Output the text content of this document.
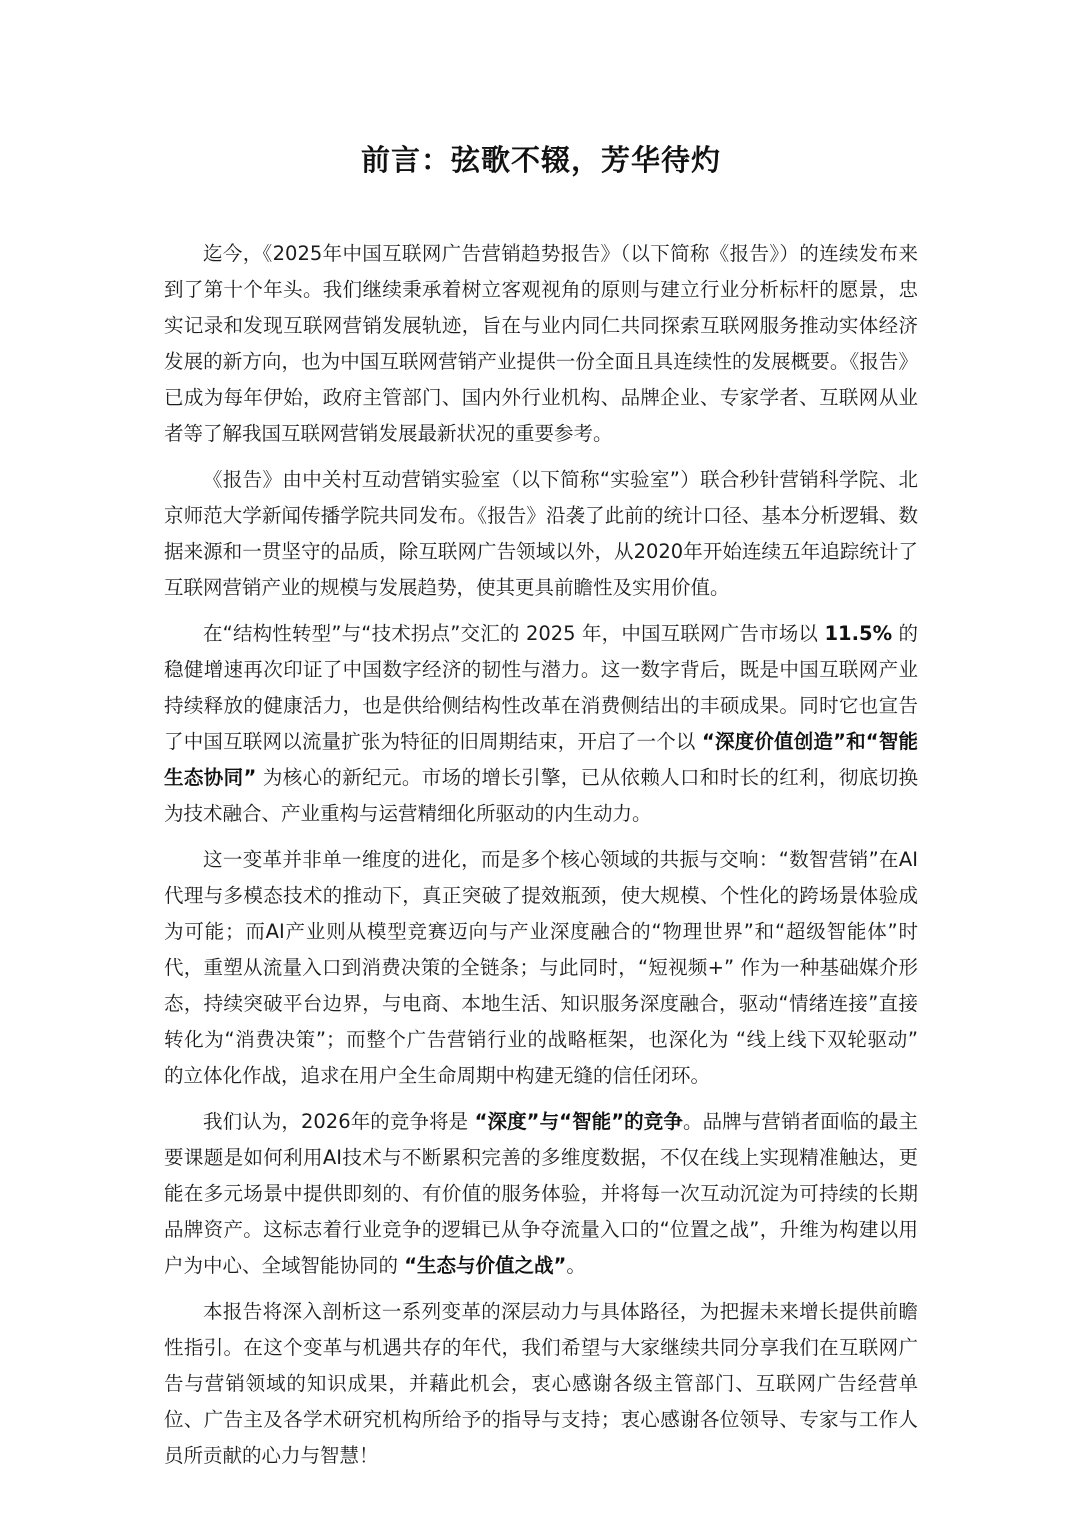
前言：弦歌不辍，芳华待灼

迄今，《2025年中国互联网广告营销趋势报告》（以下简称《报告》）的连续发布来到了第十个年头。我们继续秉承着树立客观视角的原则与建立行业分析标杆的愿景，忠实记录和发现互联网营销发展轨迹，旨在与业内同仁共同探索互联网服务推动实体经济发展的新方向，也为中国互联网营销产业提供一份全面且具连续性的发展概要。《报告》已成为每年伊始，政府主管部门、国内外行业机构、品牌企业、专家学者、互联网从业者等了解我国互联网营销发展最新状况的重要参考。

《报告》由中关村互动营销实验室（以下简称“实验室”）联合秒针营销科学院、北京师范大学新闻传播学院共同发布。《报告》沿袭了此前的统计口径、基本分析逻辑、数据来源和一贯坚守的品质，除互联网广告领域以外，从2020年开始连续五年追踪统计了互联网营销产业的规模与发展趋势，使其更具前瞻性及实用价值。

在“结构性转型”与“技术拐点”交汇的 2025 年，中国互联网广告市场以 11.5% 的稳健增速再次印证了中国数字经济的韧性与潜力。这一数字背后，既是中国互联网产业持续释放的健康活力，也是供给侧结构性改革在消费侧结出的丰硕成果。同时它也宣告了中国互联网以流量扩张为特征的旧周期结束，开启了一个以 “深度价值创造”和“智能生态协同” 为核心的新纪元。市场的增长引擎，已从依赖人口和时长的红利，彻底切换为技术融合、产业重构与运营精细化所驱动的内生动力。

这一变革并非单一维度的进化，而是多个核心领域的共振与交响：“数智营销”在AI代理与多模态技术的推动下，真正突破了提效瓶颈，使大规模、个性化的跨场景体验成为可能；而AI产业则从模型竞赛迈向与产业深度融合的“物理世界”和“超级智能体”时代，重塑从流量入口到消费决策的全链条；与此同时，“短视频+” 作为一种基础媒介形态，持续突破平台边界，与电商、本地生活、知识服务深度融合，驱动“情绪连接”直接转化为“消费决策”；而整个广告营销行业的战略框架，也深化为 “线上线下双轮驱动” 的立体化作战，追求在用户全生命周期中构建无缝的信任闭环。

我们认为，2026年的竞争将是 “深度”与“智能”的竞争。品牌与营销者面临的最主要课题是如何利用AI技术与不断累积完善的多维度数据，不仅在线上实现精准触达，更能在多元场景中提供即刻的、有价值的服务体验，并将每一次互动沉淀为可持续的长期品牌资产。这标志着行业竞争的逻辑已从争夺流量入口的“位置之战”，升维为构建以用户为中心、全域智能协同的 “生态与价值之战”。

本报告将深入剖析这一系列变革的深层动力与具体路径，为把握未来增长提供前瞻性指引。在这个变革与机遇共存的年代，我们希望与大家继续共同分享我们在互联网广告与营销领域的知识成果，并藉此机会，衷心感谢各级主管部门、互联网广告经营单位、广告主及各学术研究机构所给予的指导与支持；衷心感谢各位领导、专家与工作人员所贡献的心力与智慧！
